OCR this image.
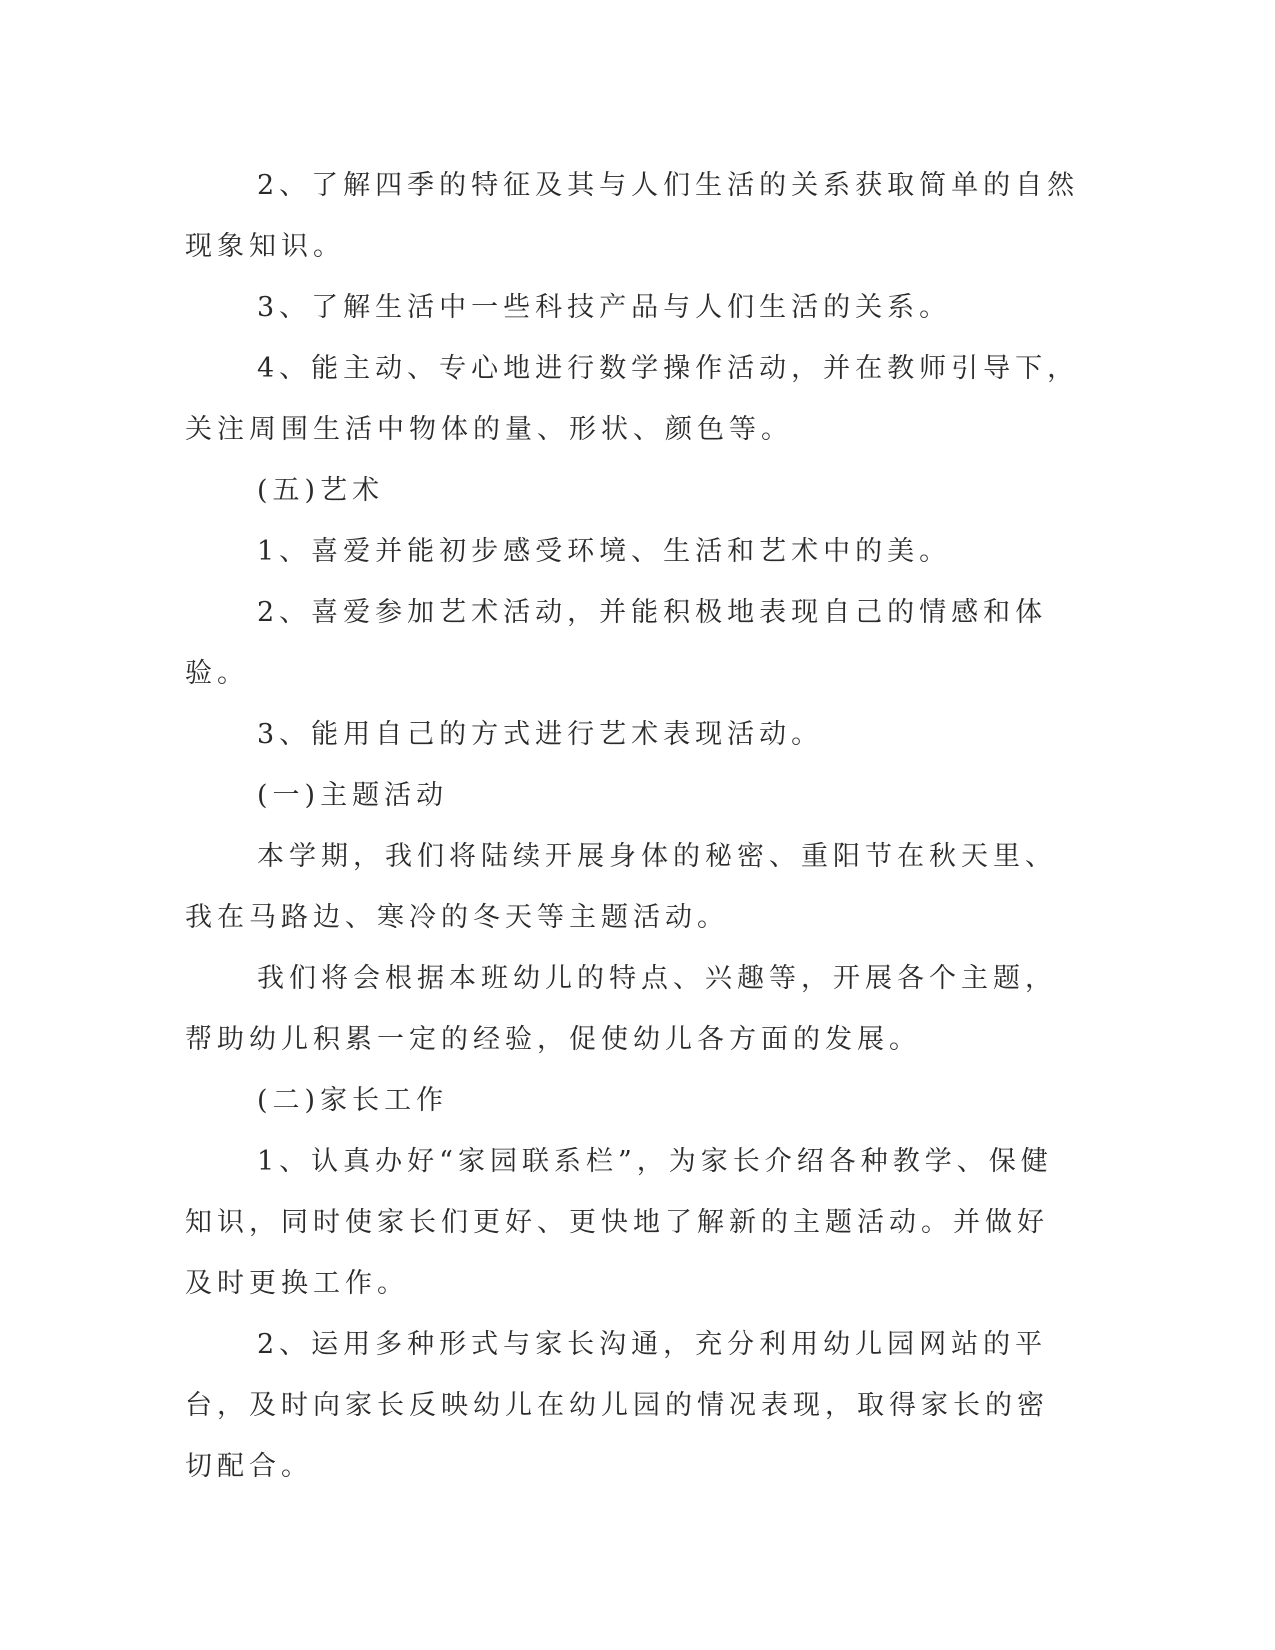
2、了解四季的特征及其与人们生活的关系获取简单的自然现象知识。

3、了解生活中一些科技产品与人们生活的关系。

4、能主动、专心地进行数学操作活动，并在教师引导下，关注周围生活中物体的量、形状、颜色等。

(五)艺术

1、喜爱并能初步感受环境、生活和艺术中的美。

2、喜爱参加艺术活动，并能积极地表现自己的情感和体验。

3、能用自己的方式进行艺术表现活动。

(一)主题活动

本学期，我们将陆续开展身体的秘密、重阳节在秋天里、我在马路边、寒冷的冬天等主题活动。

我们将会根据本班幼儿的特点、兴趣等，开展各个主题，帮助幼儿积累一定的经验，促使幼儿各方面的发展。

(二)家长工作

1、认真办好“家园联系栏”，为家长介绍各种教学、保健知识，同时使家长们更好、更快地了解新的主题活动。并做好及时更换工作。

2、运用多种形式与家长沟通，充分利用幼儿园网站的平台，及时向家长反映幼儿在幼儿园的情况表现，取得家长的密切配合。
